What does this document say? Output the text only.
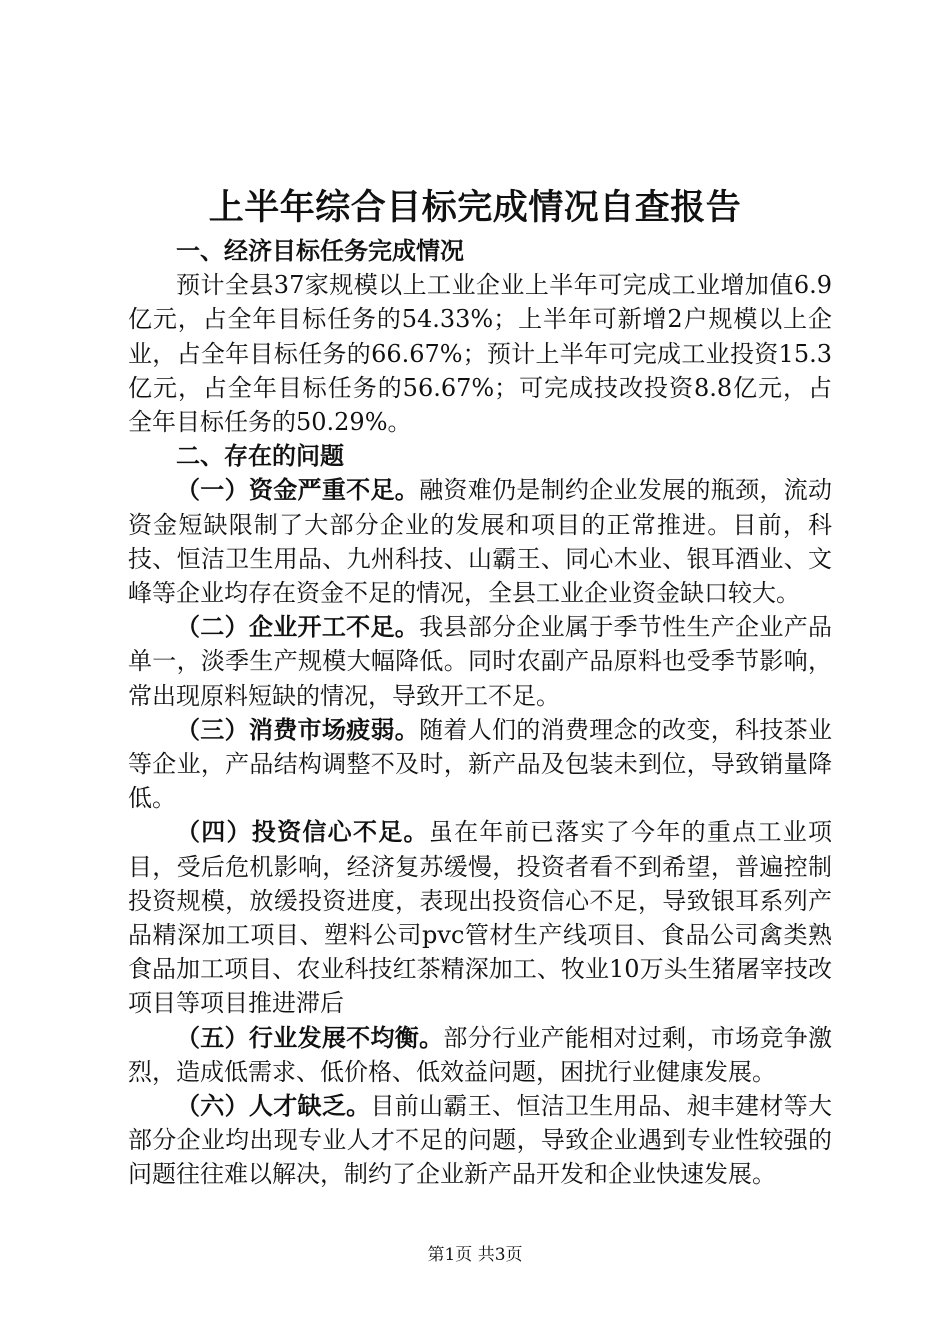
上半年综合目标完成情况自查报告
一、经济目标任务完成情况

预计全县37家规模以上工业企业上半年可完成工业增加值6.9亿元，占全年目标任务的54.33%；上半年可新增2户规模以上企业，占全年目标任务的66.67%；预计上半年可完成工业投资15.3亿元，占全年目标任务的56.67%；可完成技改投资8.8亿元，占全年目标任务的50.29%。

二、存在的问题

（一）资金严重不足。融资难仍是制约企业发展的瓶颈，流动资金短缺限制了大部分企业的发展和项目的正常推进。目前，科技、恒洁卫生用品、九州科技、山霸王、同心木业、银耳酒业、文峰等企业均存在资金不足的情况，全县工业企业资金缺口较大。

（二）企业开工不足。我县部分企业属于季节性生产企业产品单一，淡季生产规模大幅降低。同时农副产品原料也受季节影响，常出现原料短缺的情况，导致开工不足。

（三）消费市场疲弱。随着人们的消费理念的改变，科技茶业等企业，产品结构调整不及时，新产品及包装未到位，导致销量降低。

（四）投资信心不足。虽在年前已落实了今年的重点工业项目，受后危机影响，经济复苏缓慢，投资者看不到希望，普遍控制投资规模，放缓投资进度，表现出投资信心不足，导致银耳系列产品精深加工项目、塑料公司pvc管材生产线项目、食品公司禽类熟食品加工项目、农业科技红茶精深加工、牧业10万头生猪屠宰技改项目等项目推进滞后

（五）行业发展不均衡。部分行业产能相对过剩，市场竞争激烈，造成低需求、低价格、低效益问题，困扰行业健康发展。

（六）人才缺乏。目前山霸王、恒洁卫生用品、昶丰建材等大部分企业均出现专业人才不足的问题，导致企业遇到专业性较强的问题往往难以解决，制约了企业新产品开发和企业快速发展。

第1页 共3页
